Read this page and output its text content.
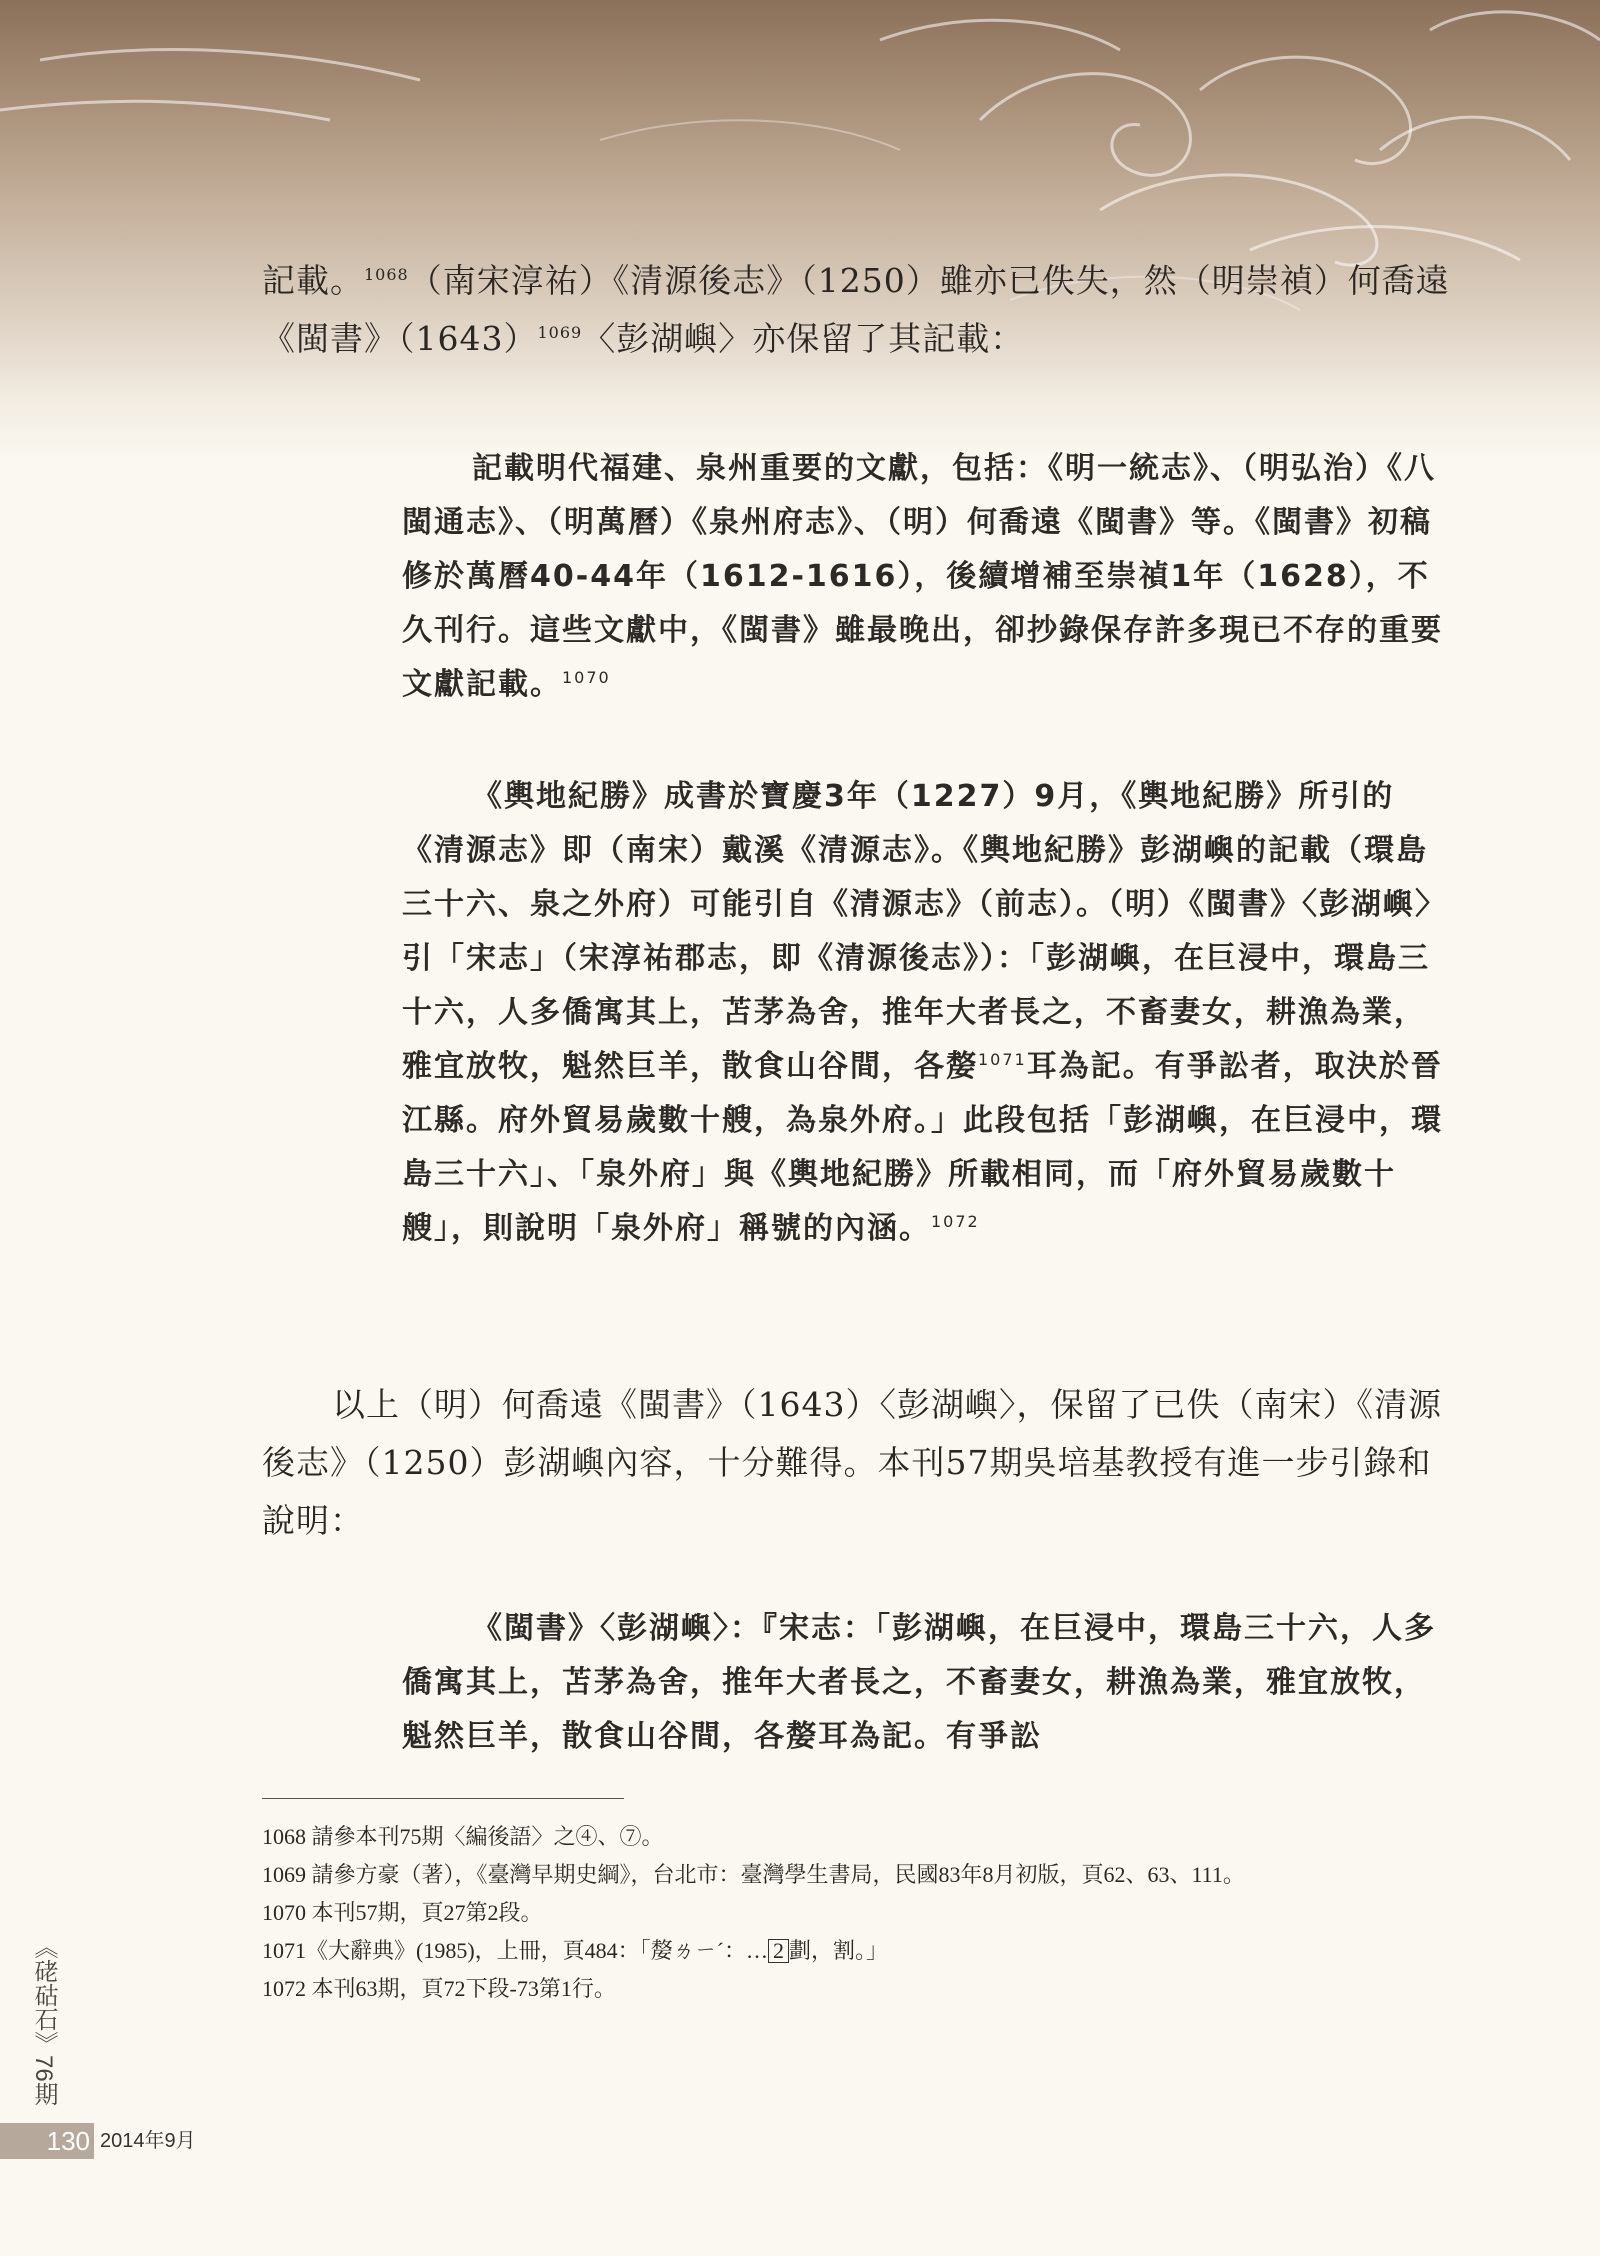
記載。$^{1068}$（南宋淳祐）《清源後志》（1250）雖亦已佚失，然（明崇禎）何喬遠《閩書》$(1643)^{1069}$〈彭湖嶼〉亦保留了其記載：
記載明代福建、泉州重要的文獻，包括：《明一統志》、（明弘治）《八閩通志》、（明萬曆）《泉州府志》、（明）何喬遠《閩書》等。《閩書》初稿修於萬曆40-44年（1612-1616），後續增補至崇禎1年（1628），不久刊行。這些文獻中，《閩書》雖最晚出，卻抄錄保存許多現已不存的重要文獻記載。$^{1070}$
《輿地紀勝》成書於寶慶3年（1227）9月，《輿地紀勝》所引的《清源志》即（南宋）戴溪《清源志》。《輿地紀勝》彭湖嶼的記載（環島三十六、泉之外府）可能引自《清源志》（前志）。（明）《閩書》〈彭湖嶼〉引「宋志」（宋淳祐郡志，即《清源後志》）：「彭湖嶼，在巨浸中，環島三十六，人多僑寓其上，苫茅為舍，推年大者長之，不畜妻女，耕漁為業，雅宜放牧，魁然巨羊，散食山谷間，各嫠$^{1071}$耳為記。有爭訟者，取決於晉江縣。府外貿易歲數十艘，為泉外府。」此段包括「彭湖嶼，在巨浸中，環島三十六」、「泉外府」與《輿地紀勝》所載相同，而「府外貿易歲數十艘」，則說明「泉外府」稱號的內涵。$^{1072}$
以上（明）何喬遠《閩書》（1643）〈彭湖嶼〉，保留了已佚（南宋）《清源後志》（1250）彭湖嶼內容，十分難得。本刊57期吳培基教授有進一步引錄和說明：
《閩書》〈彭湖嶼〉：『宋志：「彭湖嶼，在巨浸中，環島三十六，人多僑寓其上，苫茅為舍，推年大者長之，不畜妻女，耕漁為業，雅宜放牧，魁然巨羊，散食山谷間，各嫠耳為記。有爭訟

1068 請參本刊75期〈編後語〉之④、⑦。

1069 請參方豪（著），《臺灣早期史綱》，台北市：臺灣學生書局，民國83年8月初版，頁62、63、111。

1070 本刊57期，頁27第2段。

1071《大辭典》(1985)，上冊，頁484：「嫠ㄌㄧˊ：… 2 劃，割。」

1072 本刊63期，頁72下段-73第1行。

《硓𥑮石》76期
130 2014年9月
